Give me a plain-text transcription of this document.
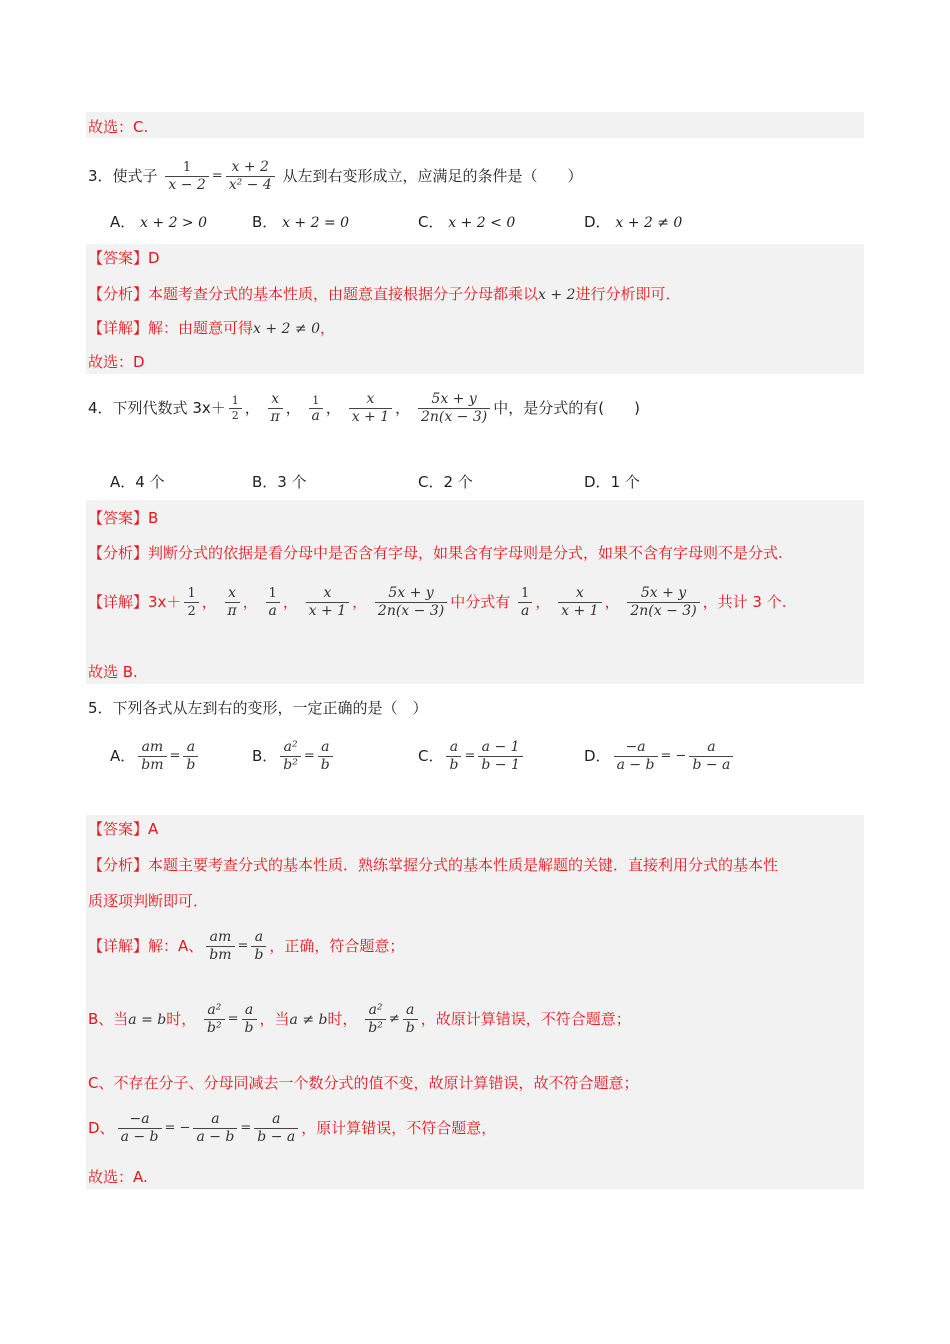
故选：C.
3．使式子 $\frac{1}{x - 2} = \frac{x + 2}{\text{x² − 4}}$ 从左到右变形成立，应满足的条件是（　　）
A． x + 2 > 0	B． x + 2 = 0	C． x + 2 < 0	D． x + 2 ≠ 0
【答案】D
【分析】本题考查分式的基本性质，由题意直接根据分子分母都乘以x + 2进行分析即可．
【详解】解：由题意可得x + 2 ≠ 0，
故选：D
4．下列代数式 $3x+ \frac{1}{2}$ ， $\frac{x}{\pi}$ ， $\frac{1}{a}$ ， $\frac{x}{x + 1}$ ， $\frac{5x + y}{2n(x - 3)}$ 中，是分式的有(　　)
A．4 个	B．3 个	C．2 个	D．1 个
【答案】B
【分析】判断分式的依据是看分母中是否含有字母，如果含有字母则是分式，如果不含有字母则不是分式.
【详解】$3x+ \frac{1}{2}$ ， $\frac{x}{\pi}$ ， $\frac{1}{a}$ ， $\frac{x}{x + 1}$ ， $\frac{5x + y}{2n(x - 3)}$ 中分式有 $\frac{1}{a}$ ， $\frac{x}{x + 1}$ ， $\frac{5x + y}{2n(x - 3)}$ ，共计 3 个.
故选 B.
5．下列各式从左到右的变形，一定正确的是（　）
A． $\frac{am}{bm} = \frac{a}{b}$	B． $\frac{\text{a²}}{\text{b²}} = \frac{a}{b}$	C． $\frac{a}{b} = \frac{a - 1}{b - 1}$	D． $\frac{-a}{a - b}$ = − $\frac{a}{b - a}$
【答案】A
【分析】本题主要考查分式的基本性质．熟练掌握分式的基本性质是解题的关键．直接利用分式的基本性
质逐项判断即可．
【详解】解：A、 $\frac{am}{bm} = \frac{a}{b}$ ，正确，符合题意；
B、当a = b时， $\frac{\text{a²}}{\text{b²}} = \frac{a}{b}$ ，当a ≠ b时， $\frac{\text{a²}}{\text{b²}} \ne \frac{a}{b}$ ，故原计算错误，不符合题意；
C、不存在分子、分母同减去一个数分式的值不变，故原计算错误，故不符合题意；
D、 $\frac{-a}{a - b}$ = − $\frac{a}{a - b} = \frac{a}{b - a}$ ，原计算错误，不符合题意，
故选：A.
